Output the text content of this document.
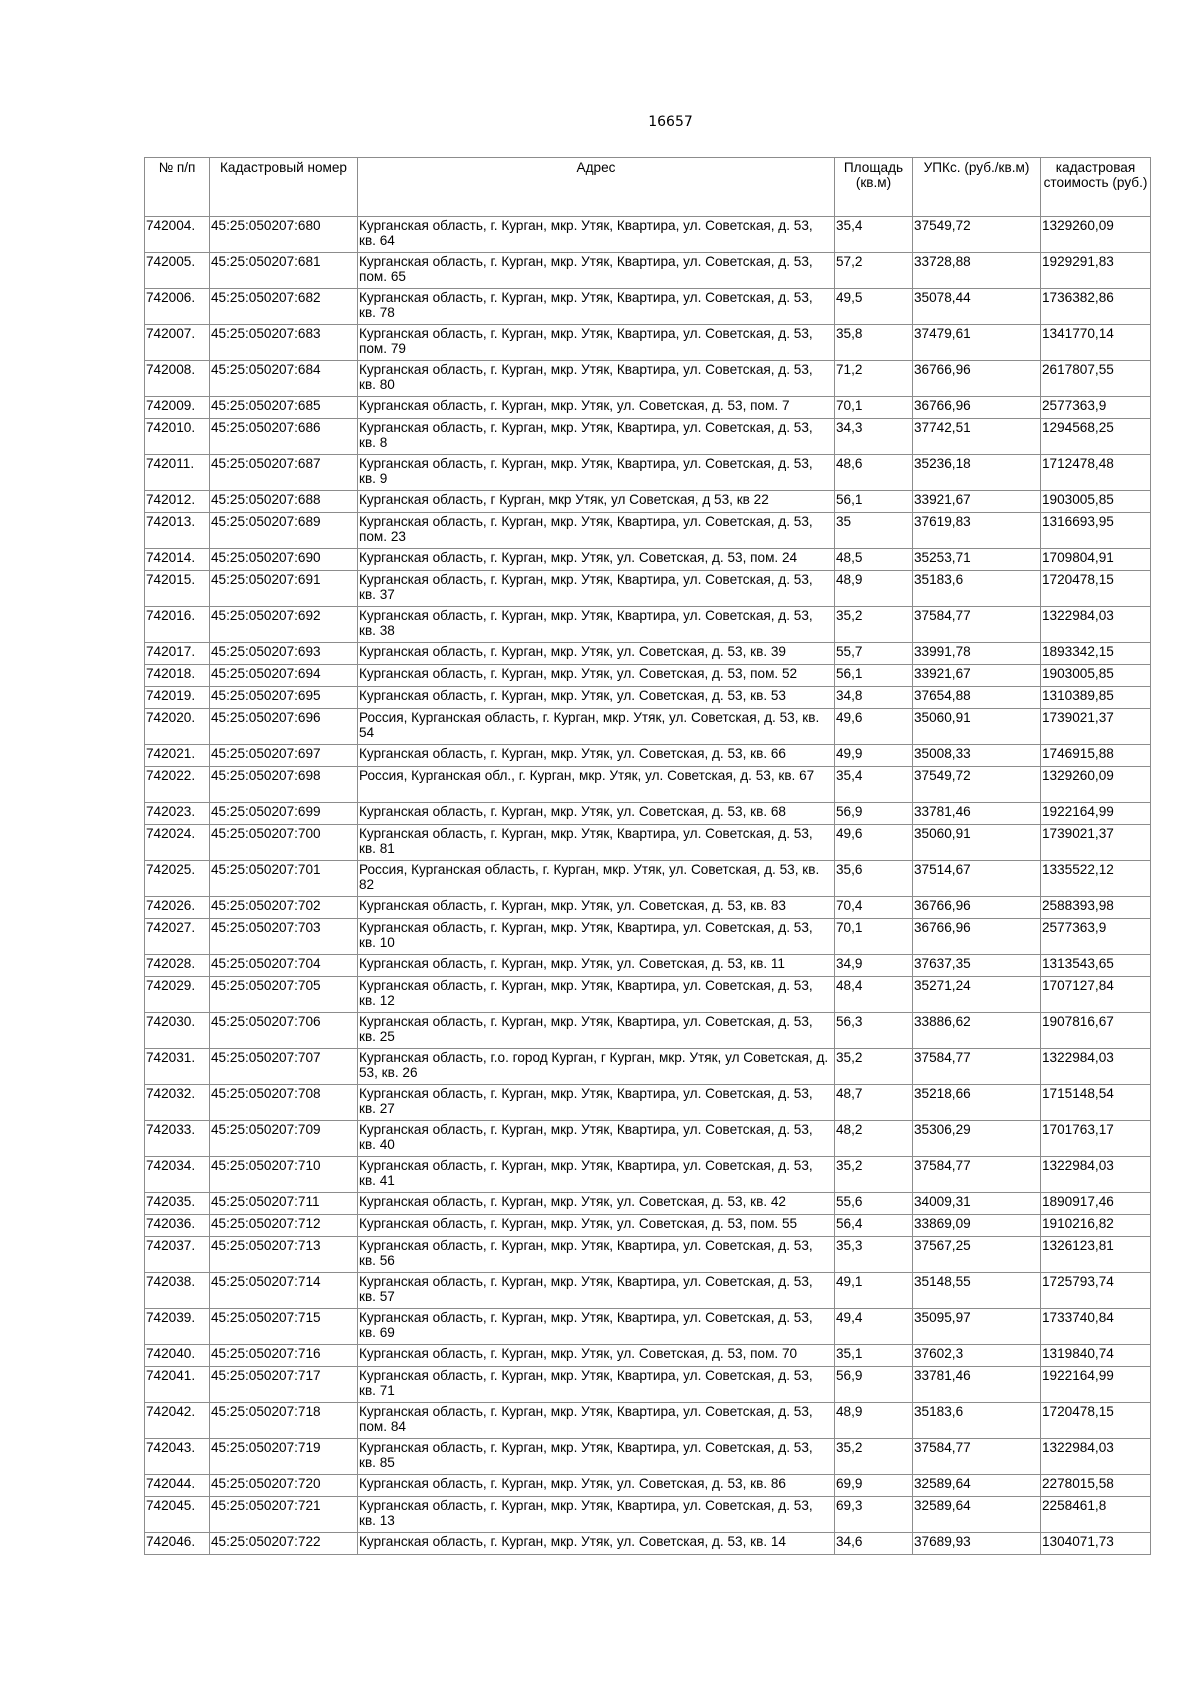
16657
№ п/п	Кадастровый номер	Адрес	Площадь (кв.м)	УПКс. (руб./кв.м)	кадастровая стоимость (руб.)
742004.	45:25:050207:680	Курганская область, г. Курган, мкр. Утяк, Квартира, ул. Советская, д. 53, кв. 64	35,4	37549,72	1329260,09
742005.	45:25:050207:681	Курганская область, г. Курган, мкр. Утяк, Квартира, ул. Советская, д. 53, пом. 65	57,2	33728,88	1929291,83
742006.	45:25:050207:682	Курганская область, г. Курган, мкр. Утяк, Квартира, ул. Советская, д. 53, кв. 78	49,5	35078,44	1736382,86
742007.	45:25:050207:683	Курганская область, г. Курган, мкр. Утяк, Квартира, ул. Советская, д. 53, пом. 79	35,8	37479,61	1341770,14
742008.	45:25:050207:684	Курганская область, г. Курган, мкр. Утяк, Квартира, ул. Советская, д. 53, кв. 80	71,2	36766,96	2617807,55
742009.	45:25:050207:685	Курганская область, г. Курган, мкр. Утяк, ул. Советская, д. 53, пом. 7	70,1	36766,96	2577363,9
742010.	45:25:050207:686	Курганская область, г. Курган, мкр. Утяк, Квартира, ул. Советская, д. 53, кв. 8	34,3	37742,51	1294568,25
742011.	45:25:050207:687	Курганская область, г. Курган, мкр. Утяк, Квартира, ул. Советская, д. 53, кв. 9	48,6	35236,18	1712478,48
742012.	45:25:050207:688	Курганская область, г Курган, мкр Утяк, ул Советская, д 53, кв 22	56,1	33921,67	1903005,85
742013.	45:25:050207:689	Курганская область, г. Курган, мкр. Утяк, Квартира, ул. Советская, д. 53, пом. 23	35	37619,83	1316693,95
742014.	45:25:050207:690	Курганская область, г. Курган, мкр. Утяк, ул. Советская, д. 53, пом. 24	48,5	35253,71	1709804,91
742015.	45:25:050207:691	Курганская область, г. Курган, мкр. Утяк, Квартира, ул. Советская, д. 53, кв. 37	48,9	35183,6	1720478,15
742016.	45:25:050207:692	Курганская область, г. Курган, мкр. Утяк, Квартира, ул. Советская, д. 53, кв. 38	35,2	37584,77	1322984,03
742017.	45:25:050207:693	Курганская область, г. Курган, мкр. Утяк, ул. Советская, д. 53, кв. 39	55,7	33991,78	1893342,15
742018.	45:25:050207:694	Курганская область, г. Курган, мкр. Утяк, ул. Советская, д. 53, пом. 52	56,1	33921,67	1903005,85
742019.	45:25:050207:695	Курганская область, г. Курган, мкр. Утяк, ул. Советская, д. 53, кв. 53	34,8	37654,88	1310389,85
742020.	45:25:050207:696	Россия, Курганская область, г. Курган, мкр. Утяк, ул. Советская, д. 53, кв. 54	49,6	35060,91	1739021,37
742021.	45:25:050207:697	Курганская область, г. Курган, мкр. Утяк, ул. Советская, д. 53, кв. 66	49,9	35008,33	1746915,88
742022.	45:25:050207:698	Россия, Курганская обл., г. Курган, мкр. Утяк, ул. Советская, д. 53, кв. 67	35,4	37549,72	1329260,09
742023.	45:25:050207:699	Курганская область, г. Курган, мкр. Утяк, ул. Советская, д. 53, кв. 68	56,9	33781,46	1922164,99
742024.	45:25:050207:700	Курганская область, г. Курган, мкр. Утяк, Квартира, ул. Советская, д. 53, кв. 81	49,6	35060,91	1739021,37
742025.	45:25:050207:701	Россия, Курганская область, г. Курган, мкр. Утяк, ул. Советская, д. 53, кв. 82	35,6	37514,67	1335522,12
742026.	45:25:050207:702	Курганская область, г. Курган, мкр. Утяк, ул. Советская, д. 53, кв. 83	70,4	36766,96	2588393,98
742027.	45:25:050207:703	Курганская область, г. Курган, мкр. Утяк, Квартира, ул. Советская, д. 53, кв. 10	70,1	36766,96	2577363,9
742028.	45:25:050207:704	Курганская область, г. Курган, мкр. Утяк, ул. Советская, д. 53, кв. 11	34,9	37637,35	1313543,65
742029.	45:25:050207:705	Курганская область, г. Курган, мкр. Утяк, Квартира, ул. Советская, д. 53, кв. 12	48,4	35271,24	1707127,84
742030.	45:25:050207:706	Курганская область, г. Курган, мкр. Утяк, Квартира, ул. Советская, д. 53, кв. 25	56,3	33886,62	1907816,67
742031.	45:25:050207:707	Курганская область, г.о. город Курган, г Курган, мкр. Утяк, ул Советская, д. 53, кв. 26	35,2	37584,77	1322984,03
742032.	45:25:050207:708	Курганская область, г. Курган, мкр. Утяк, Квартира, ул. Советская, д. 53, кв. 27	48,7	35218,66	1715148,54
742033.	45:25:050207:709	Курганская область, г. Курган, мкр. Утяк, Квартира, ул. Советская, д. 53, кв. 40	48,2	35306,29	1701763,17
742034.	45:25:050207:710	Курганская область, г. Курган, мкр. Утяк, Квартира, ул. Советская, д. 53, кв. 41	35,2	37584,77	1322984,03
742035.	45:25:050207:711	Курганская область, г. Курган, мкр. Утяк, ул. Советская, д. 53, кв. 42	55,6	34009,31	1890917,46
742036.	45:25:050207:712	Курганская область, г. Курган, мкр. Утяк, ул. Советская, д. 53, пом. 55	56,4	33869,09	1910216,82
742037.	45:25:050207:713	Курганская область, г. Курган, мкр. Утяк, Квартира, ул. Советская, д. 53, кв. 56	35,3	37567,25	1326123,81
742038.	45:25:050207:714	Курганская область, г. Курган, мкр. Утяк, Квартира, ул. Советская, д. 53, кв. 57	49,1	35148,55	1725793,74
742039.	45:25:050207:715	Курганская область, г. Курган, мкр. Утяк, Квартира, ул. Советская, д. 53, кв. 69	49,4	35095,97	1733740,84
742040.	45:25:050207:716	Курганская область, г. Курган, мкр. Утяк, ул. Советская, д. 53, пом. 70	35,1	37602,3	1319840,74
742041.	45:25:050207:717	Курганская область, г. Курган, мкр. Утяк, Квартира, ул. Советская, д. 53, кв. 71	56,9	33781,46	1922164,99
742042.	45:25:050207:718	Курганская область, г. Курган, мкр. Утяк, Квартира, ул. Советская, д. 53, пом. 84	48,9	35183,6	1720478,15
742043.	45:25:050207:719	Курганская область, г. Курган, мкр. Утяк, Квартира, ул. Советская, д. 53, кв. 85	35,2	37584,77	1322984,03
742044.	45:25:050207:720	Курганская область, г. Курган, мкр. Утяк, ул. Советская, д. 53, кв. 86	69,9	32589,64	2278015,58
742045.	45:25:050207:721	Курганская область, г. Курган, мкр. Утяк, Квартира, ул. Советская, д. 53, кв. 13	69,3	32589,64	2258461,8
742046.	45:25:050207:722	Курганская область, г. Курган, мкр. Утяк, ул. Советская, д. 53, кв. 14	34,6	37689,93	1304071,73
